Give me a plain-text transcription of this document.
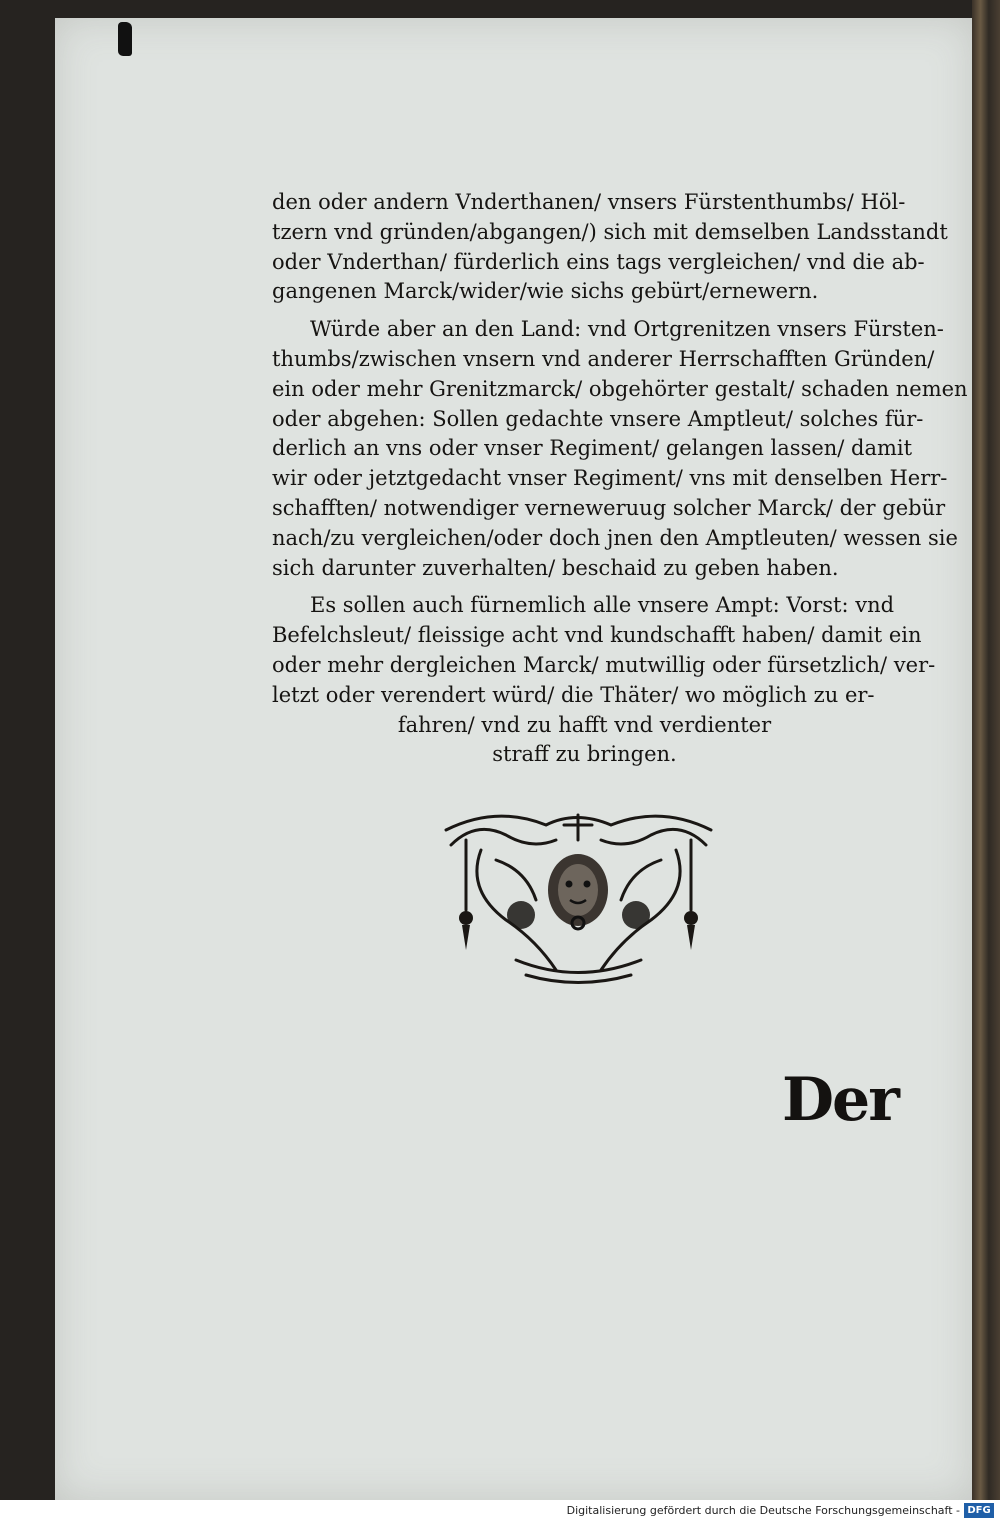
den oder andern Vnderthanen/ vnsers Fürstenthumbs/ Höl-
tzern vnd gründen/abgangen/) sich mit demselben Landsstandt
oder Vnderthan/ fürderlich eins tags vergleichen/ vnd die ab-
gangenen Marck/wider/wie sichs gebürt/ernewern.
Würde aber an den Land: vnd Ortgrenitzen vnsers Fürsten-
thumbs/zwischen vnsern vnd anderer Herrschafften Gründen/
ein oder mehr Grenitzmarck/ obgehörter gestalt/ schaden nemen
oder abgehen: Sollen gedachte vnsere Amptleut/ solches für-
derlich an vns oder vnser Regiment/ gelangen lassen/ damit
wir oder jetztgedacht vnser Regiment/ vns mit denselben Herr-
schafften/ notwendiger verneweruug solcher Marck/ der gebür
nach/zu vergleichen/oder doch jnen den Amptleuten/ wessen sie
sich darunter zuverhalten/ beschaid zu geben haben.
Es sollen auch fürnemlich alle vnsere Ampt: Vorst: vnd
Befelchsleut/ fleissige acht vnd kundschafft haben/ damit ein
oder mehr dergleichen Marck/ mutwillig oder fürsetzlich/ ver-
letzt oder verendert würd/ die Thäter/ wo möglich zu er-
fahren/ vnd zu hafft vnd verdienter
straff zu bringen.
Der
Digitalisierung gefördert durch die Deutsche Forschungsgemeinschaft - DFG
